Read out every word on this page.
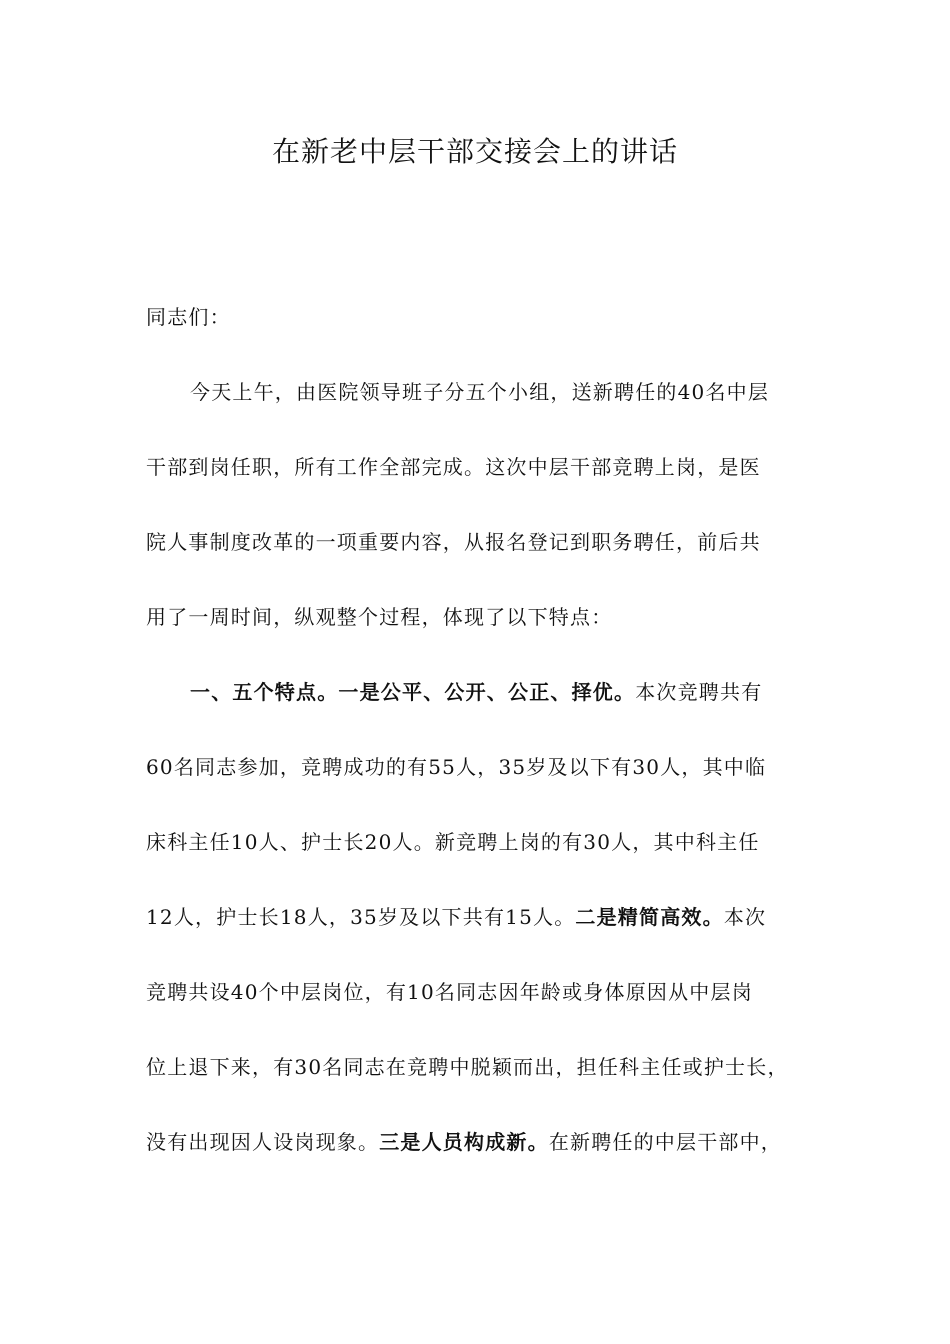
在新老中层干部交接会上的讲话
同志们：
今天上午，由医院领导班子分五个小组，送新聘任的40名中层
干部到岗任职，所有工作全部完成。这次中层干部竞聘上岗，是医
院人事制度改革的一项重要内容，从报名登记到职务聘任，前后共
用了一周时间，纵观整个过程，体现了以下特点：
一、五个特点。一是公平、公开、公正、择优。本次竞聘共有
60名同志参加，竞聘成功的有55人，35岁及以下有30人，其中临
床科主任10人、护士长20人。新竞聘上岗的有30人，其中科主任
12人，护士长18人，35岁及以下共有15人。二是精简高效。本次
竞聘共设40个中层岗位，有10名同志因年龄或身体原因从中层岗
位上退下来，有30名同志在竞聘中脱颖而出，担任科主任或护士长，
没有出现因人设岗现象。三是人员构成新。在新聘任的中层干部中，
